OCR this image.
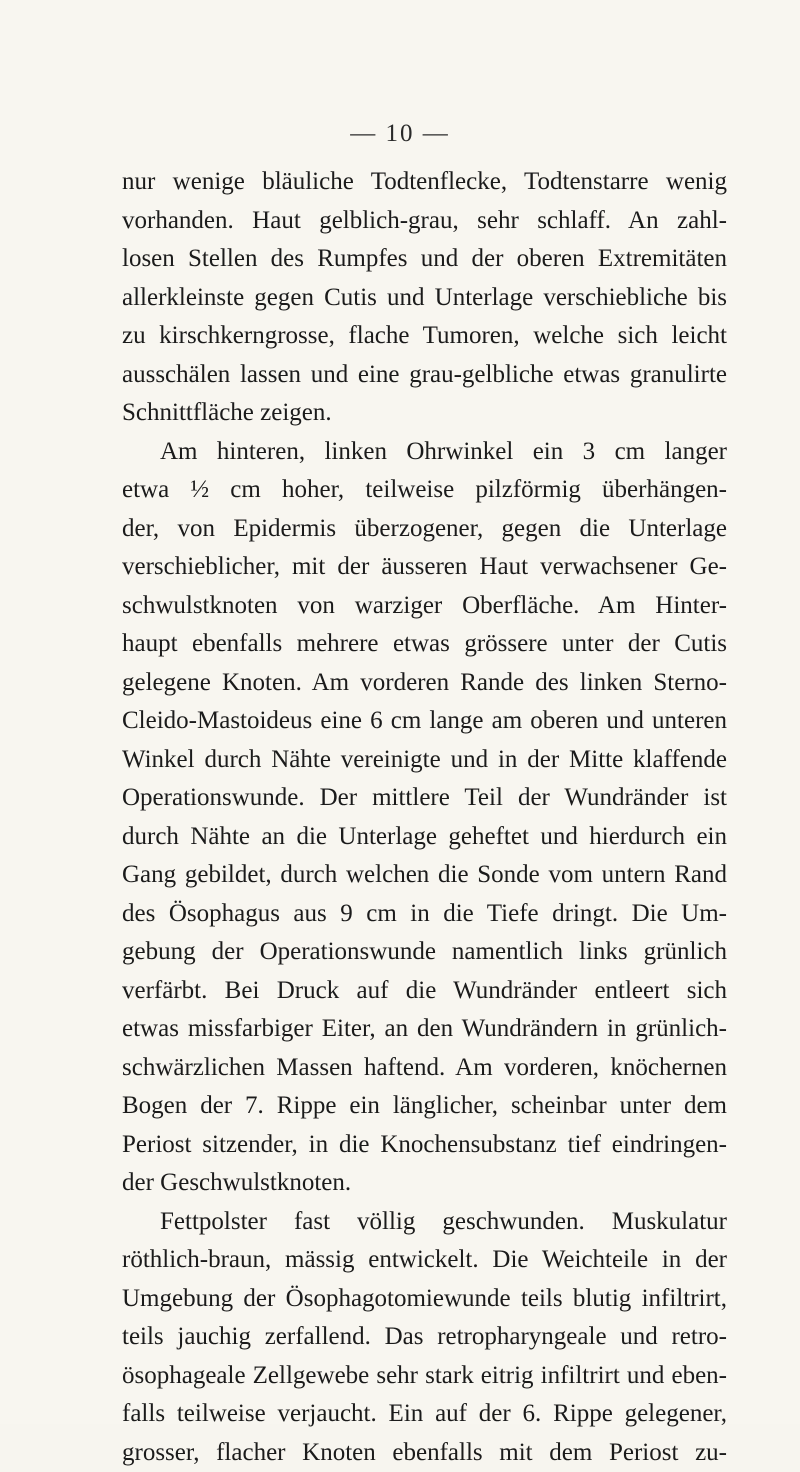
— 10 —

nur wenige bläuliche Todtenflecke, Todtenstarre wenig
vorhanden. Haut gelblich-grau, sehr schlaff. An zahl-
losen Stellen des Rumpfes und der oberen Extremitäten
allerkleinste gegen Cutis und Unterlage verschiebliche bis
zu kirschkerngrosse, flache Tumoren, welche sich leicht
ausschälen lassen und eine grau-gelbliche etwas granulirte
Schnittfläche zeigen.

Am hinteren, linken Ohrwinkel ein 3 cm langer
etwa ½ cm hoher, teilweise pilzförmig überhängen-
der, von Epidermis überzogener, gegen die Unterlage
verschieblicher, mit der äusseren Haut verwachsener Ge-
schwulstknoten von warziger Oberfläche. Am Hinter-
haupt ebenfalls mehrere etwas grössere unter der Cutis
gelegene Knoten. Am vorderen Rande des linken Sterno-
Cleido-Mastoideus eine 6 cm lange am oberen und unteren
Winkel durch Nähte vereinigte und in der Mitte klaffende
Operationswunde. Der mittlere Teil der Wundränder ist
durch Nähte an die Unterlage geheftet und hierdurch ein
Gang gebildet, durch welchen die Sonde vom untern Rand
des Ösophagus aus 9 cm in die Tiefe dringt. Die Um-
gebung der Operationswunde namentlich links grünlich
verfärbt. Bei Druck auf die Wundränder entleert sich
etwas missfarbiger Eiter, an den Wundrändern in grünlich-
schwärzlichen Massen haftend. Am vorderen, knöchernen
Bogen der 7. Rippe ein länglicher, scheinbar unter dem
Periost sitzender, in die Knochensubstanz tief eindringen-
der Geschwulstknoten.

Fettpolster fast völlig geschwunden. Muskulatur
röthlich-braun, mässig entwickelt. Die Weichteile in der
Umgebung der Ösophagotomiewunde teils blutig infiltrirt,
teils jauchig zerfallend. Das retropharyngeale und retro-
ösophageale Zellgewebe sehr stark eitrig infiltrirt und eben-
falls teilweise verjaucht. Ein auf der 6. Rippe gelegener,
grosser, flacher Knoten ebenfalls mit dem Periost zu-
